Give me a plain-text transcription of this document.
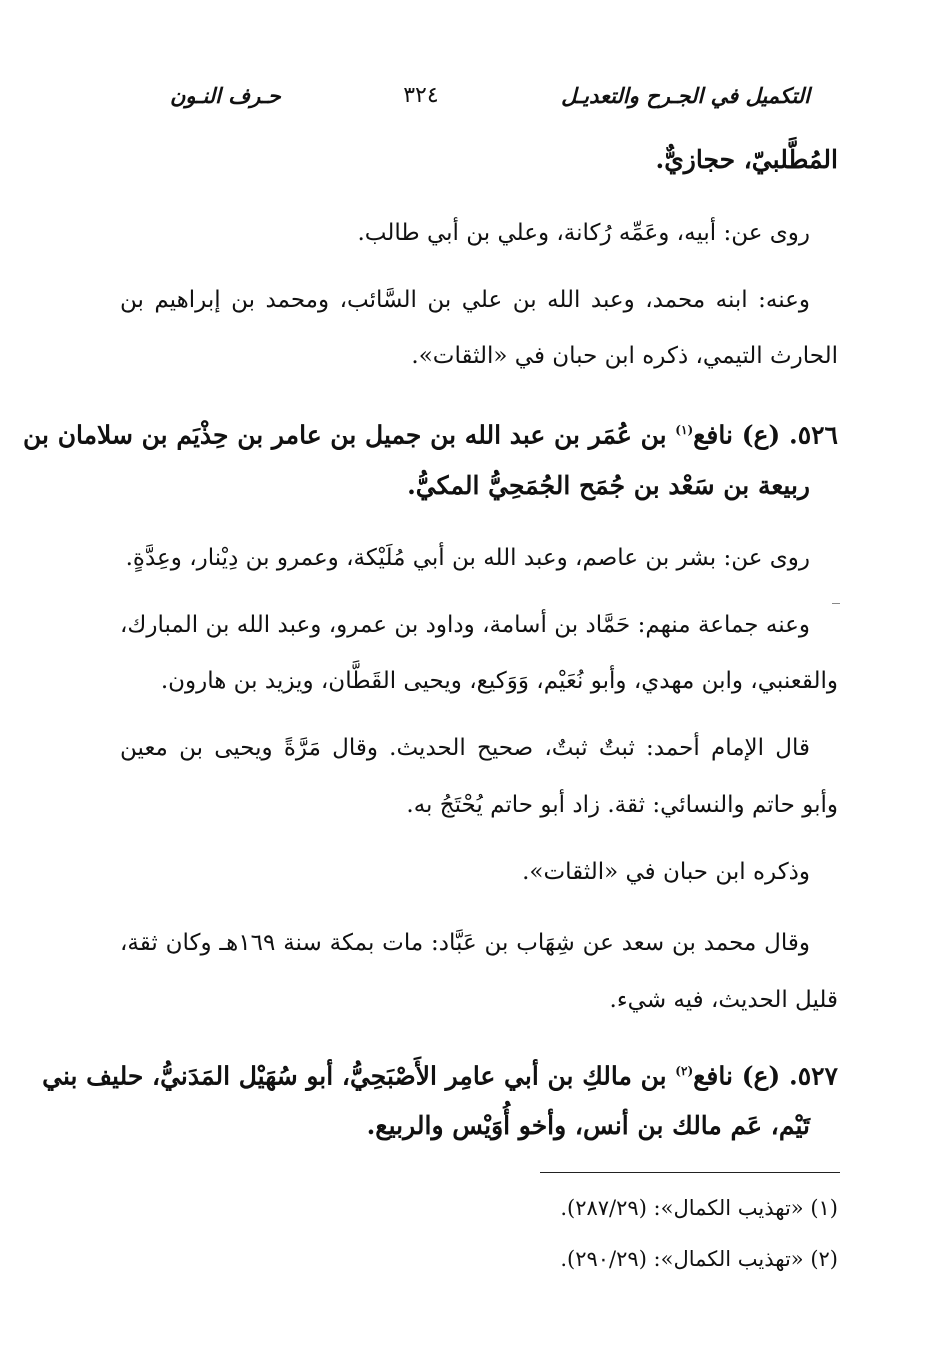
التكميل في الجـرح والتعديـل
٣٢٤
حـرف النـون
المُطَّلبيّ، حجازيٌّ.
روى عن: أبيه، وعَمِّه رُكانة، وعلي بن أبي طالب.
وعنه: ابنه محمد، وعبد الله بن علي بن السَّائب، ومحمد بن إبراهيم بن
الحارث التيمي، ذكره ابن حبان في «الثقات».
٥٢٦. (ع) نافع$^{(١)}$ بن عُمَر بن عبد الله بن جميل بن عامر بن حِذْيَم بن سلامان بن
ربيعة بن سَعْد بن جُمَح الجُمَحِيُّ المكيُّ.
روى عن: بشر بن عاصم، وعبد الله بن أبي مُلَيْكة، وعمرو بن دِيْنار، وعِدَّةٍ.
وعنه جماعة منهم: حَمَّاد بن أسامة، وداود بن عمرو، وعبد الله بن المبارك،
والقعنبي، وابن مهدي، وأبو نُعَيْم، وَوَكيع، ويحيى القَطَّان، ويزيد بن هارون.
قال الإمام أحمد: ثبتٌ ثبتٌ، صحيح الحديث. وقال مَرَّةً ويحيى بن معين
وأبو حاتم والنسائي: ثقة. زاد أبو حاتم يُحْتَجُ به.
وذكره ابن حبان في «الثقات».
وقال محمد بن سعد عن شِهَاب بن عَبَّاد: مات بمكة سنة ١٦٩هـ وكان ثقة،
قليل الحديث، فيه شيء.
٥٢٧. (ع) نافع$^{(٢)}$ بن مالكِ بن أبي عامِر الأَصْبَحِيُّ، أبو سُهَيْل المَدَنيُّ، حليف بني
تَيْم، عَم مالك بن أنس، وأخو أُوَيْس والربيع.
(١) «تهذيب الكمال»: (٢٨٧/٢٩).
(٢) «تهذيب الكمال»: (٢٩٠/٢٩).
